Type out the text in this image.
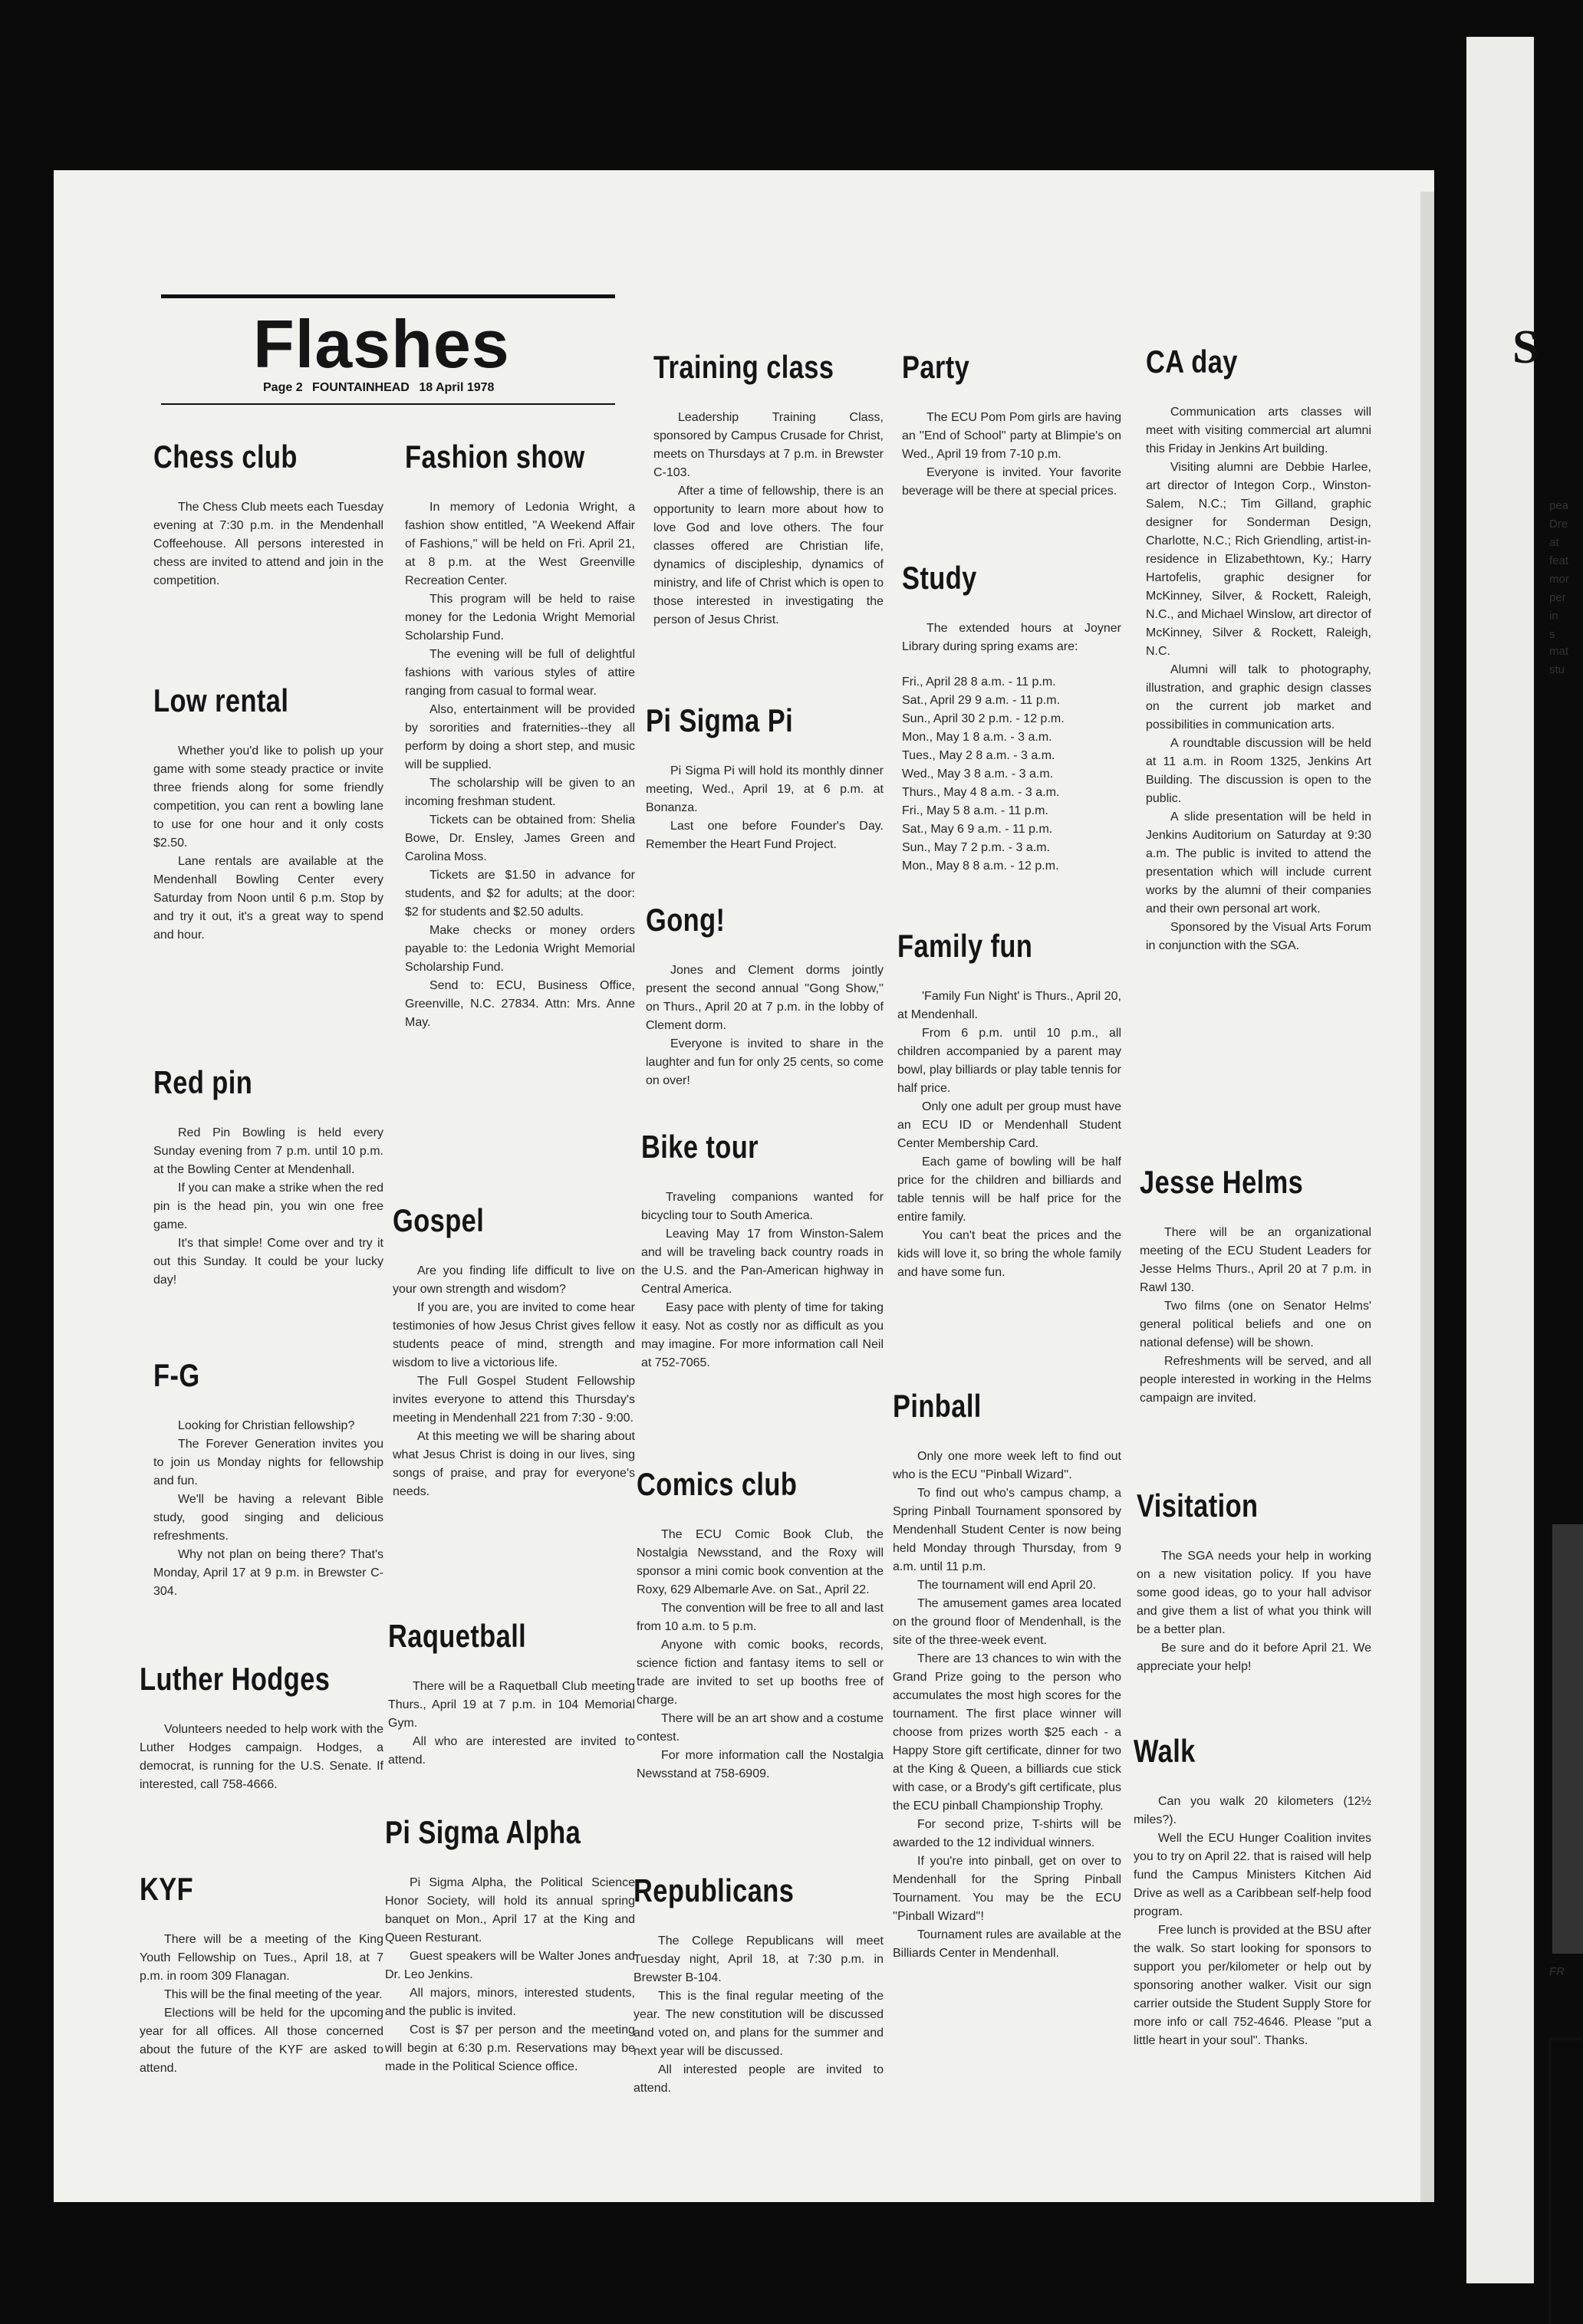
S
pea
Dre
at
feat
mor
per
in s
mat
stu
FR
Flashes
Page 2 FOUNTAINHEAD 18 April 1978
Chess club

The Chess Club meets each Tuesday evening at 7:30 p.m. in the Mendenhall Coffeehouse. All persons interested in chess are invited to attend and join in the competition.

Low rental

Whether you'd like to polish up your game with some steady practice or invite three friends along for some friendly competition, you can rent a bowling lane to use for one hour and it only costs $2.50.

Lane rentals are available at the Mendenhall Bowling Center every Saturday from Noon until 6 p.m. Stop by and try it out, it's a great way to spend and hour.

Red pin

Red Pin Bowling is held every Sunday evening from 7 p.m. until 10 p.m. at the Bowling Center at Mendenhall.

If you can make a strike when the red pin is the head pin, you win one free game.

It's that simple! Come over and try it out this Sunday. It could be your lucky day!

F-G

Looking for Christian fellowship?

The Forever Generation invites you to join us Monday nights for fellowship and fun.

We'll be having a relevant Bible study, good singing and delicious refreshments.

Why not plan on being there? That's Monday, April 17 at 9 p.m. in Brewster C-304.

Luther Hodges

Volunteers needed to help work with the Luther Hodges campaign. Hodges, a democrat, is running for the U.S. Senate. If interested, call 758-4666.

KYF

There will be a meeting of the King Youth Fellowship on Tues., April 18, at 7 p.m. in room 309 Flanagan.

This will be the final meeting of the year.

Elections will be held for the upcoming year for all offices. All those concerned about the future of the KYF are asked to attend.

Fashion show

In memory of Ledonia Wright, a fashion show entitled, ''A Weekend Affair of Fashions,'' will be held on Fri. April 21, at 8 p.m. at the West Greenville Recreation Center.

This program will be held to raise money for the Ledonia Wright Memorial Scholarship Fund.

The evening will be full of delightful fashions with various styles of attire ranging from casual to formal wear.

Also, entertainment will be provided by sororities and fraternities--they all perform by doing a short step, and music will be supplied.

The scholarship will be given to an incoming freshman student.

Tickets can be obtained from: Shelia Bowe, Dr. Ensley, James Green and Carolina Moss.

Tickets are $1.50 in advance for students, and $2 for adults; at the door: $2 for students and $2.50 adults.

Make checks or money orders payable to: the Ledonia Wright Memorial Scholarship Fund.

Send to: ECU, Business Office, Greenville, N.C. 27834. Attn: Mrs. Anne May.

Gospel

Are you finding life difficult to live on your own strength and wisdom?

If you are, you are invited to come hear testimonies of how Jesus Christ gives fellow students peace of mind, strength and wisdom to live a victorious life.

The Full Gospel Student Fellowship invites everyone to attend this Thursday's meeting in Mendenhall 221 from 7:30 - 9:00.

At this meeting we will be sharing about what Jesus Christ is doing in our lives, sing songs of praise, and pray for everyone's needs.

Raquetball

There will be a Raquetball Club meeting Thurs., April 19 at 7 p.m. in 104 Memorial Gym.

All who are interested are invited to attend.

Pi Sigma Alpha

Pi Sigma Alpha, the Political Science Honor Society, will hold its annual spring banquet on Mon., April 17 at the King and Queen Resturant.

Guest speakers will be Walter Jones and Dr. Leo Jenkins.

All majors, minors, interested students, and the public is invited.

Cost is $7 per person and the meeting will begin at 6:30 p.m. Reservations may be made in the Political Science office.

Training class

Leadership Training Class, sponsored by Campus Crusade for Christ, meets on Thursdays at 7 p.m. in Brewster C-103.

After a time of fellowship, there is an opportunity to learn more about how to love God and love others. The four classes offered are Christian life, dynamics of discipleship, dynamics of ministry, and life of Christ which is open to those interested in investigating the person of Jesus Christ.

Pi Sigma Pi

Pi Sigma Pi will hold its monthly dinner meeting, Wed., April 19, at 6 p.m. at Bonanza.

Last one before Founder's Day. Remember the Heart Fund Project.

Gong!

Jones and Clement dorms jointly present the second annual ''Gong Show,'' on Thurs., April 20 at 7 p.m. in the lobby of Clement dorm.

Everyone is invited to share in the laughter and fun for only 25 cents, so come on over!

Bike tour

Traveling companions wanted for bicycling tour to South America.

Leaving May 17 from Winston-Salem and will be traveling back country roads in the U.S. and the Pan-American highway in Central America.

Easy pace with plenty of time for taking it easy. Not as costly nor as difficult as you may imagine. For more information call Neil at 752-7065.

Comics club

The ECU Comic Book Club, the Nostalgia Newsstand, and the Roxy will sponsor a mini comic book convention at the Roxy, 629 Albemarle Ave. on Sat., April 22.

The convention will be free to all and last from 10 a.m. to 5 p.m.

Anyone with comic books, records, science fiction and fantasy items to sell or trade are invited to set up booths free of charge.

There will be an art show and a costume contest.

For more information call the Nostalgia Newsstand at 758-6909.

Republicans

The College Republicans will meet Tuesday night, April 18, at 7:30 p.m. in Brewster B-104.

This is the final regular meeting of the year. The new constitution will be discussed and voted on, and plans for the summer and next year will be discussed.

All interested people are invited to attend.

Party

The ECU Pom Pom girls are having an ''End of School'' party at Blimpie's on Wed., April 19 from 7-10 p.m.

Everyone is invited. Your favorite beverage will be there at special prices.

Study

The extended hours at Joyner Library during spring exams are:

Fri., April 28 8 a.m. - 11 p.m.
Sat., April 29 9 a.m. - 11 p.m.
Sun., April 30 2 p.m. - 12 p.m.
Mon., May 1 8 a.m. - 3 a.m.
Tues., May 2 8 a.m. - 3 a.m.
Wed., May 3 8 a.m. - 3 a.m.
Thurs., May 4 8 a.m. - 3 a.m.
Fri., May 5 8 a.m. - 11 p.m.
Sat., May 6 9 a.m. - 11 p.m.
Sun., May 7 2 p.m. - 3 a.m.
Mon., May 8 8 a.m. - 12 p.m.
Family fun

'Family Fun Night' is Thurs., April 20, at Mendenhall.

From 6 p.m. until 10 p.m., all children accompanied by a parent may bowl, play billiards or play table tennis for half price.

Only one adult per group must have an ECU ID or Mendenhall Student Center Membership Card.

Each game of bowling will be half price for the children and billiards and table tennis will be half price for the entire family.

You can't beat the prices and the kids will love it, so bring the whole family and have some fun.

Pinball

Only one more week left to find out who is the ECU ''Pinball Wizard''.

To find out who's campus champ, a Spring Pinball Tournament sponsored by Mendenhall Student Center is now being held Monday through Thursday, from 9 a.m. until 11 p.m.

The tournament will end April 20.

The amusement games area located on the ground floor of Mendenhall, is the site of the three-week event.

There are 13 chances to win with the Grand Prize going to the person who accumulates the most high scores for the tournament. The first place winner will choose from prizes worth $25 each - a Happy Store gift certificate, dinner for two at the King & Queen, a billiards cue stick with case, or a Brody's gift certificate, plus the ECU pinball Championship Trophy.

For second prize, T-shirts will be awarded to the 12 individual winners.

If you're into pinball, get on over to Mendenhall for the Spring Pinball Tournament. You may be the ECU ''Pinball Wizard''!

Tournament rules are available at the Billiards Center in Mendenhall.

CA day

Communication arts classes will meet with visiting commercial art alumni this Friday in Jenkins Art building.

Visiting alumni are Debbie Harlee, art director of Integon Corp., Winston-Salem, N.C.; Tim Gilland, graphic designer for Sonderman Design, Charlotte, N.C.; Rich Griendling, artist-in-residence in Elizabethtown, Ky.; Harry Hartofelis, graphic designer for McKinney, Silver, & Rockett, Raleigh, N.C., and Michael Winslow, art director of McKinney, Silver & Rockett, Raleigh, N.C.

Alumni will talk to photography, illustration, and graphic design classes on the current job market and possibilities in communication arts.

A roundtable discussion will be held at 11 a.m. in Room 1325, Jenkins Art Building. The discussion is open to the public.

A slide presentation will be held in Jenkins Auditorium on Saturday at 9:30 a.m. The public is invited to attend the presentation which will include current works by the alumni of their companies and their own personal art work.

Sponsored by the Visual Arts Forum in conjunction with the SGA.

Jesse Helms

There will be an organizational meeting of the ECU Student Leaders for Jesse Helms Thurs., April 20 at 7 p.m. in Rawl 130.

Two films (one on Senator Helms' general political beliefs and one on national defense) will be shown.

Refreshments will be served, and all people interested in working in the Helms campaign are invited.

Visitation

The SGA needs your help in working on a new visitation policy. If you have some good ideas, go to your hall advisor and give them a list of what you think will be a better plan.

Be sure and do it before April 21. We appreciate your help!

Walk

Can you walk 20 kilometers (12½ miles?).

Well the ECU Hunger Coalition invites you to try on April 22. that is raised will help fund the Campus Ministers Kitchen Aid Drive as well as a Caribbean self-help food program.

Free lunch is provided at the BSU after the walk. So start looking for sponsors to support you per/kilometer or help out by sponsoring another walker. Visit our sign carrier outside the Student Supply Store for more info or call 752-4646. Please ''put a little heart in your soul''. Thanks.
